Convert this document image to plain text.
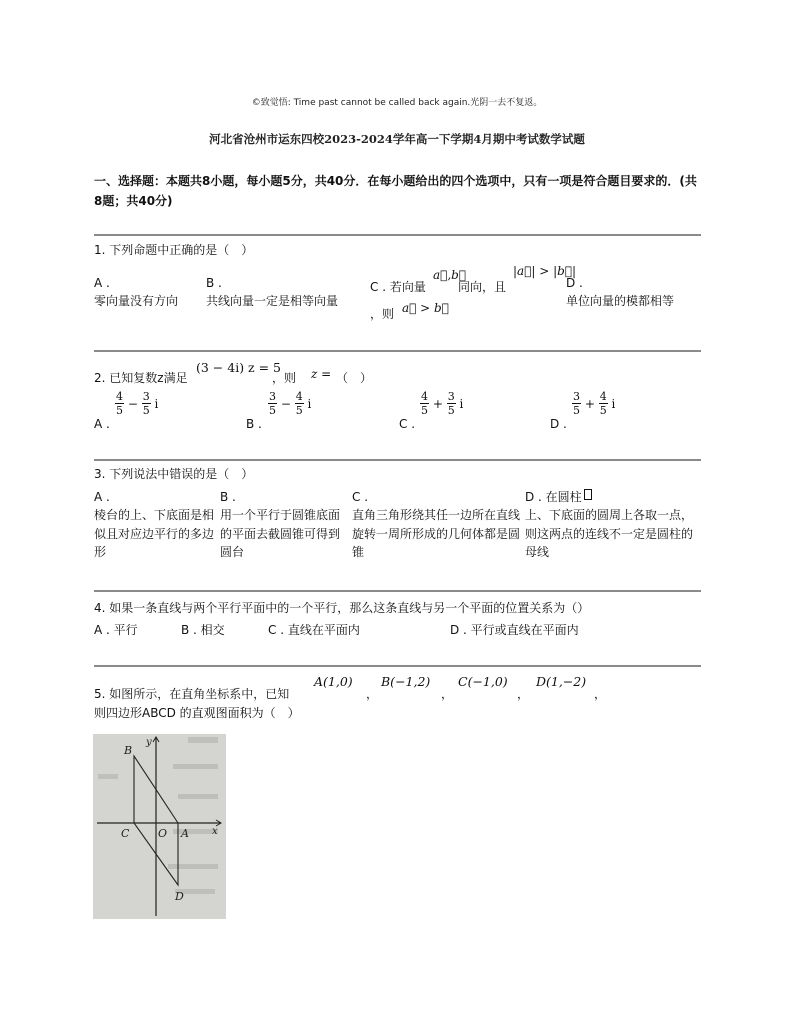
©致觉悟: Time past cannot be called back again.光阴一去不复返。
河北省沧州市运东四校2023-2024学年高一下学期4月期中考试数学试题
一、选择题：本题共8小题，每小题5分，共40分．在每小题给出的四个选项中，只有一项是符合题目要求的．(共8题；共40分)
1. 下列命题中正确的是（　）
A .
零向量没有方向
B .
共线向量一定是相等向量
C . 若向量
a⃗,b⃗
同向，且
|a⃗| > |b⃗|
，则 a⃗ > b⃗
D .
单位向量的模都相等
2. 已知复数z满足
(3 − 4i) z = 5
，则 z = （　）
A .
$\frac{4}{5} - \frac{3}{5}$ i
B .
$\frac{3}{5} - \frac{4}{5}$ i
C .
$\frac{4}{5} + \frac{3}{5}$ i
D .
$\frac{3}{5} + \frac{4}{5}$ i
3. 下列说法中错误的是（　）
A .
棱台的上、下底面是相似且对应边平行的多边形
B .
用一个平行于圆锥底面的平面去截圆锥可得到圆台
C .
直角三角形绕其任一边所在直线旋转一周所形成的几何体都是圆锥
D . 在圆柱
上、下底面的圆周上各取一点，则这两点的连线不一定是圆柱的母线
4. 如果一条直线与两个平行平面中的一个平行，那么这条直线与另一个平面的位置关系为（）
A . 平行	B . 相交	C . 直线在平面内	D . 平行或直线在平面内
5. 如图所示，在直角坐标系中，已知
A(1,0)
，
B(−1,2)
，
C(−1,0)
，
D(1,−2)
，
则四边形ABCD 的直观图面积为（　）
B
y
C	O A x
D
